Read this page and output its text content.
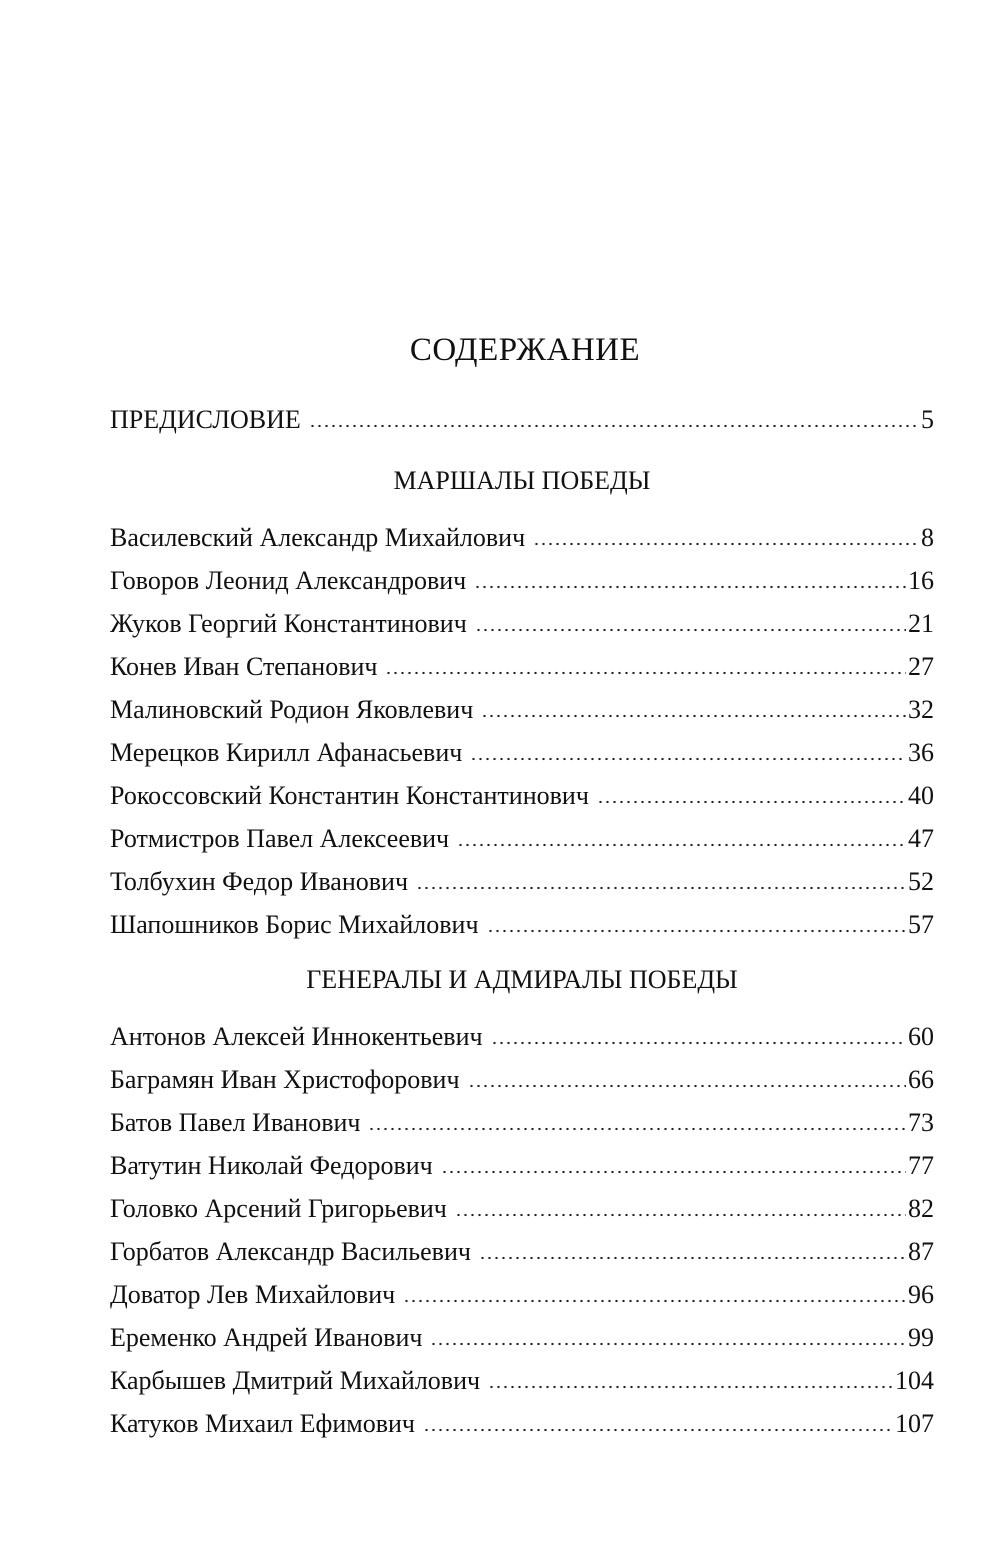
СОДЕРЖАНИЕ
ПРЕДИСЛОВИЕ	5
МАРШАЛЫ ПОБЕДЫ
Василевский Александр Михайлович	8
Говоров Леонид Александрович	16
Жуков Георгий Константинович	21
Конев Иван Степанович	27
Малиновский Родион Яковлевич	32
Мерецков Кирилл Афанасьевич	36
Рокоссовский Константин Константинович	40
Ротмистров Павел Алексеевич	47
Толбухин Федор Иванович	52
Шапошников Борис Михайлович	57
ГЕНЕРАЛЫ И АДМИРАЛЫ ПОБЕДЫ
Антонов Алексей Иннокентьевич	60
Баграмян Иван Христофорович	66
Батов Павел Иванович	73
Ватутин Николай Федорович	77
Головко Арсений Григорьевич	82
Горбатов Александр Васильевич	87
Доватор Лев Михайлович	96
Еременко Андрей Иванович	99
Карбышев Дмитрий Михайлович	104
Катуков Михаил Ефимович	107
